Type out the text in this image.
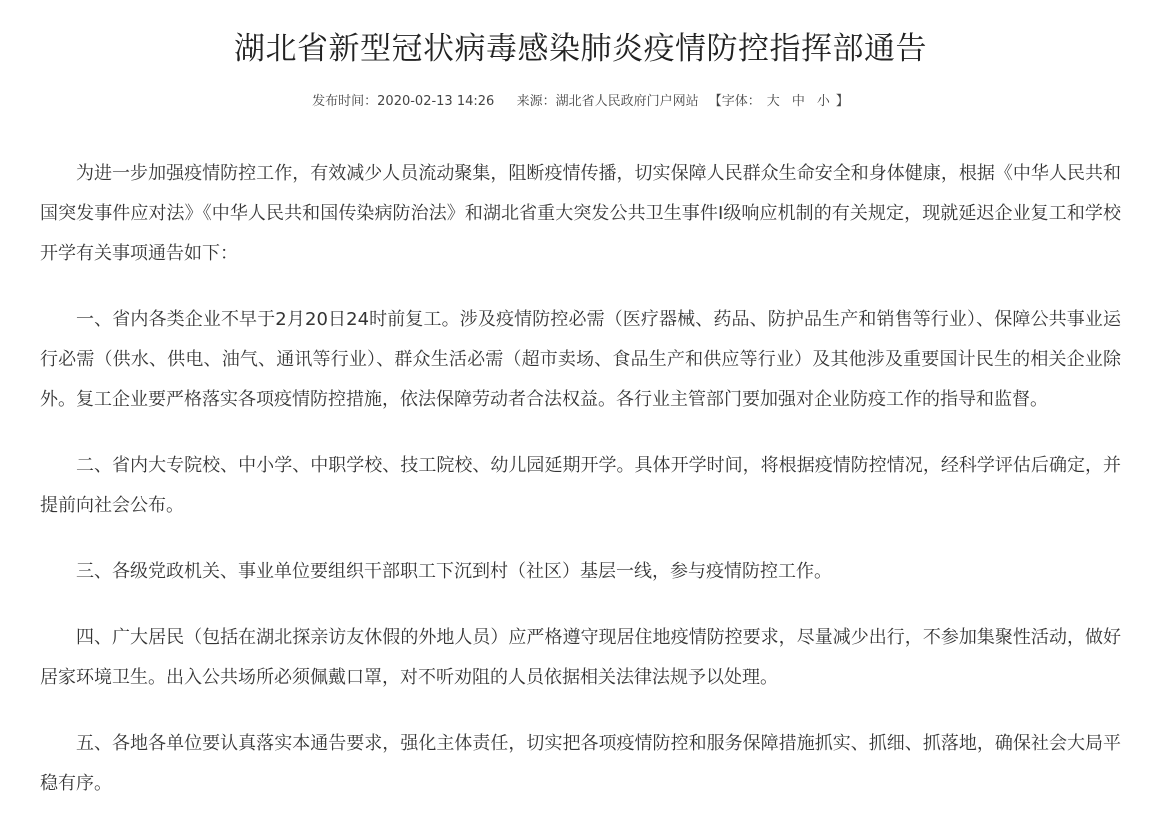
湖北省新型冠状病毒感染肺炎疫情防控指挥部通告
发布时间：2020-02-13 14:26 来源：湖北省人民政府门户网站 【字体： 大 中 小 】

为进一步加强疫情防控工作，有效减少人员流动聚集，阻断疫情传播，切实保障人民群众生命安全和身体健康，根据《中华人民共和国突发事件应对法》《中华人民共和国传染病防治法》和湖北省重大突发公共卫生事件I级响应机制的有关规定，现就延迟企业复工和学校开学有关事项通告如下：

一、省内各类企业不早于2月20日24时前复工。涉及疫情防控必需（医疗器械、药品、防护品生产和销售等行业）、保障公共事业运行必需（供水、供电、油气、通讯等行业）、群众生活必需（超市卖场、食品生产和供应等行业）及其他涉及重要国计民生的相关企业除外。复工企业要严格落实各项疫情防控措施，依法保障劳动者合法权益。各行业主管部门要加强对企业防疫工作的指导和监督。

二、省内大专院校、中小学、中职学校、技工院校、幼儿园延期开学。具体开学时间，将根据疫情防控情况，经科学评估后确定，并提前向社会公布。

三、各级党政机关、事业单位要组织干部职工下沉到村（社区）基层一线，参与疫情防控工作。

四、广大居民（包括在湖北探亲访友休假的外地人员）应严格遵守现居住地疫情防控要求，尽量减少出行，不参加集聚性活动，做好居家环境卫生。出入公共场所必须佩戴口罩，对不听劝阻的人员依据相关法律法规予以处理。

五、各地各单位要认真落实本通告要求，强化主体责任，切实把各项疫情防控和服务保障措施抓实、抓细、抓落地，确保社会大局平稳有序。
